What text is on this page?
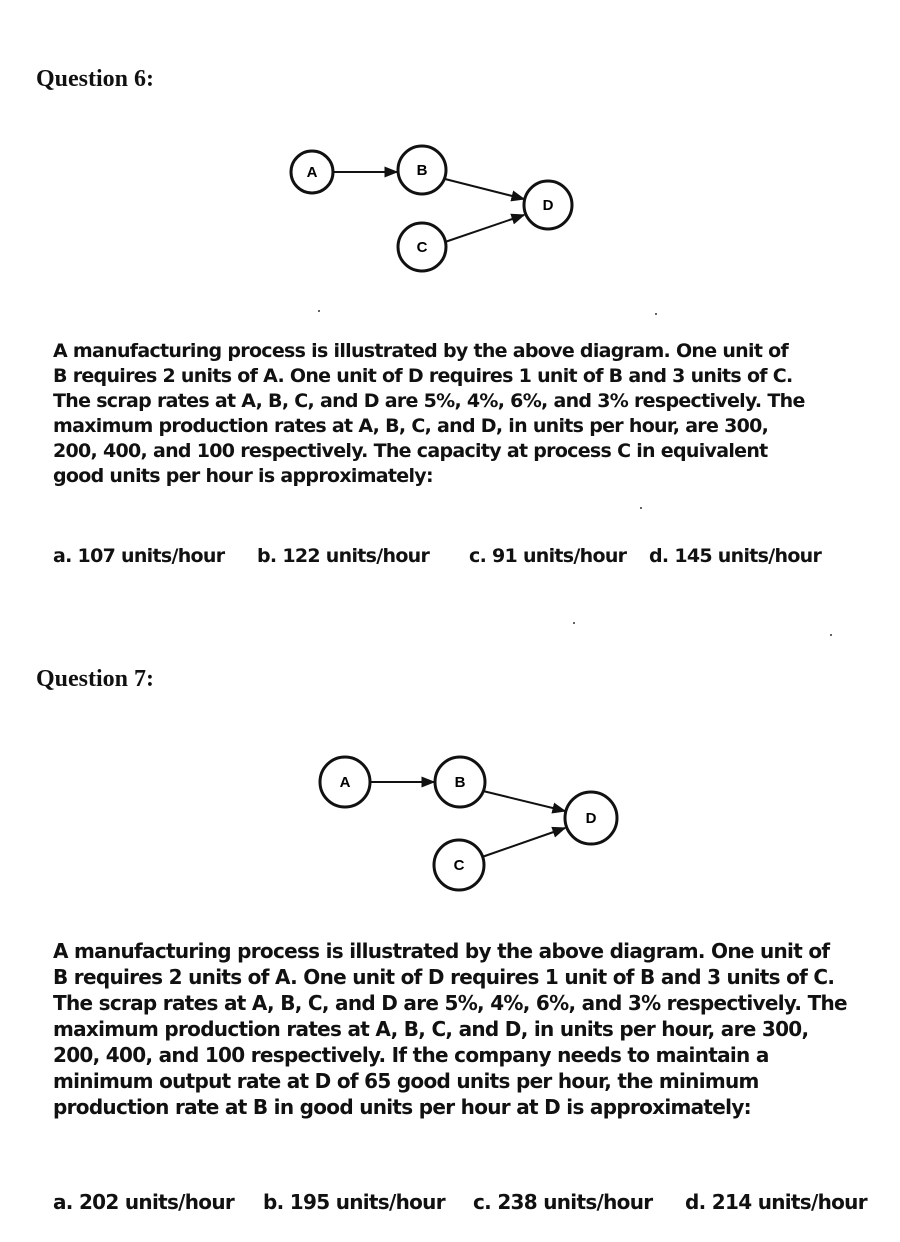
Question 6:
A	B
C
D
A manufacturing process is illustrated by the above diagram. One unit of
B requires 2 units of A. One unit of D requires 1 unit of B and 3 units of C.
The scrap rates at A, B, C, and D are 5%, 4%, 6%, and 3% respectively. The
maximum production rates at A, B, C, and D, in units per hour, are 300,
200, 400, and 100 respectively. The capacity at process C in equivalent
good units per hour is approximately:
a. 107 units/hour b. 122 units/hour c. 91 units/hour d. 145 units/hour
Question 7:
A	B
C
D
A manufacturing process is illustrated by the above diagram. One unit of
B requires 2 units of A. One unit of D requires 1 unit of B and 3 units of C.
The scrap rates at A, B, C, and D are 5%, 4%, 6%, and 3% respectively. The
maximum production rates at A, B, C, and D, in units per hour, are 300,
200, 400, and 100 respectively. If the company needs to maintain a
minimum output rate at D of 65 good units per hour, the minimum
production rate at B in good units per hour at D is approximately:
a. 202 units/hour b. 195 units/hour c. 238 units/hour d. 214 units/hour
